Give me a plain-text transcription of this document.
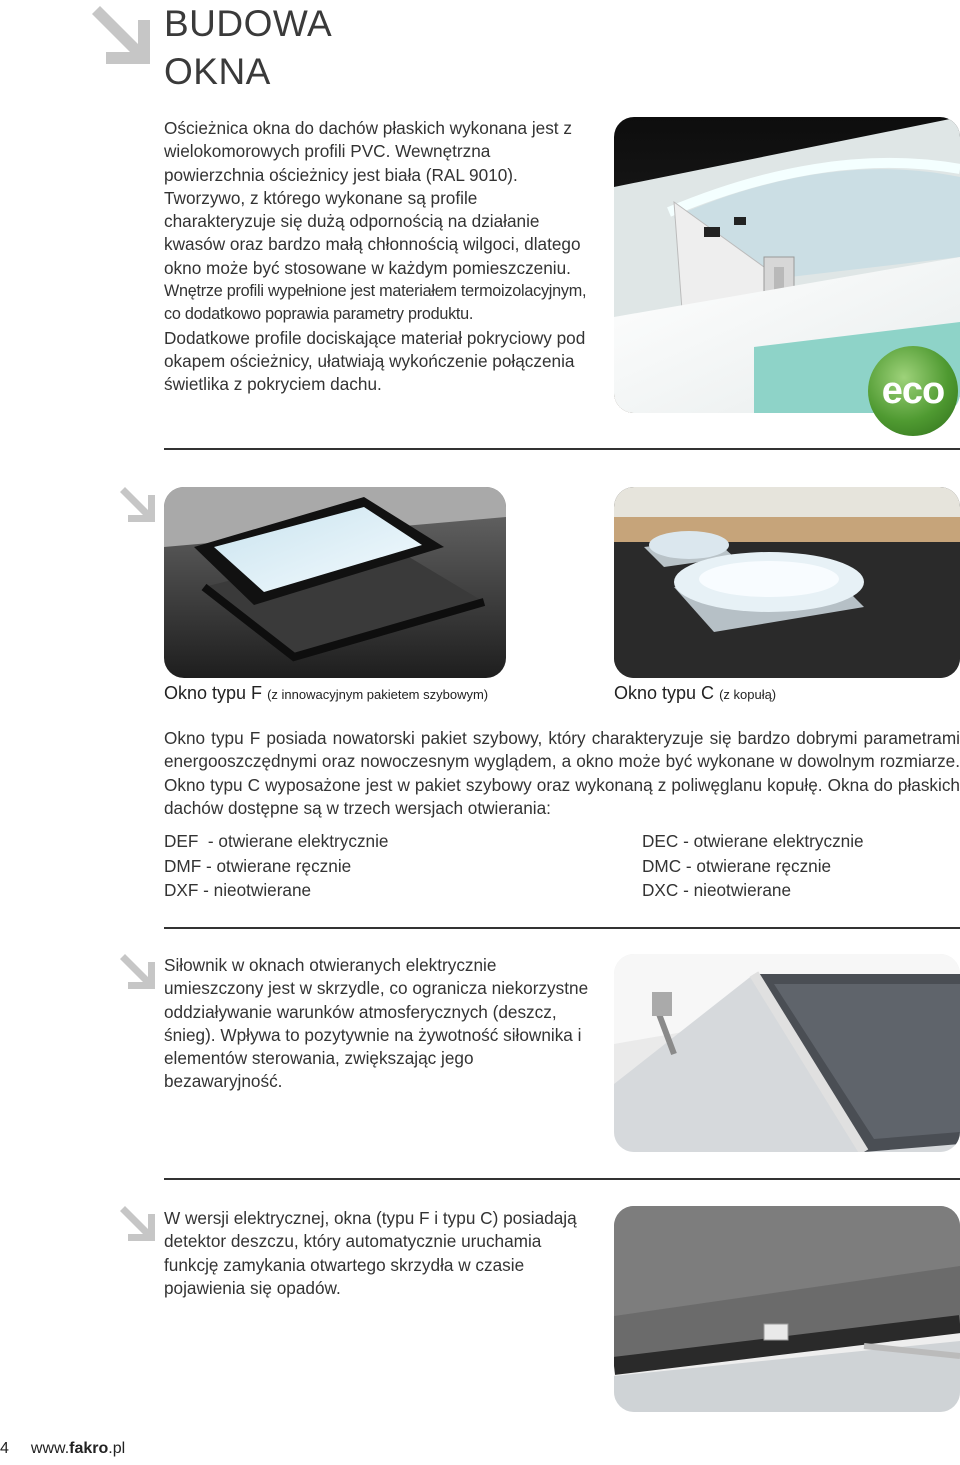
BUDOWA
OKNA
Ościeżnica okna do dachów płaskich wykonana jest z wielokomorowych profili PVC. Wewnętrzna powierzchnia ościeżnicy jest biała (RAL 9010). Tworzywo, z którego wykonane są profile charakteryzuje się dużą odpornością na działanie kwasów oraz bardzo małą chłonnością wilgoci, dlatego okno może być stosowane w każdym pomieszczeniu.
Wnętrze profili wypełnione jest materiałem termoizolacyjnym, co dodatkowo poprawia parametry produktu.
Dodatkowe profile dociskające materiał pokryciowy pod okapem ościeżnicy, ułatwiają wykończenie połączenia świetlika z pokryciem dachu.	eco
Okno typu F (z innowacyjnym pakietem szybowym)	Okno typu C (z kopułą)
Okno typu F posiada nowatorski pakiet szybowy, który charakteryzuje się bardzo dobrymi parametrami energooszczędnymi oraz nowoczesnym wyglądem, a okno może być wykonane w dowolnym rozmiarze. Okno typu C wyposażone jest w pakiet szybowy oraz wykonaną z poliwęglanu kopułę. Okna do płaskich dachów dostępne są w trzech wersjach otwierania:
DEF  - otwierane elektrycznie
DMF - otwierane ręcznie
DXF - nieotwierane
DEC - otwierane elektrycznie
DMC - otwierane ręcznie
DXC - nieotwierane
Siłownik w oknach otwieranych elektrycznie umieszczony jest w skrzydle, co ogranicza niekorzystne oddziaływanie warunków atmosferycznych (deszcz, śnieg). Wpływa to pozytywnie na żywotność siłownika i elementów sterowania, zwiększając jego bezawaryjność.
W wersji elektrycznej, okna (typu F i typu C) posiadają detektor deszczu, który automatycznie uruchamia funkcję zamykania otwartego skrzydła w czasie pojawienia się opadów.
4 www.fakro.pl
